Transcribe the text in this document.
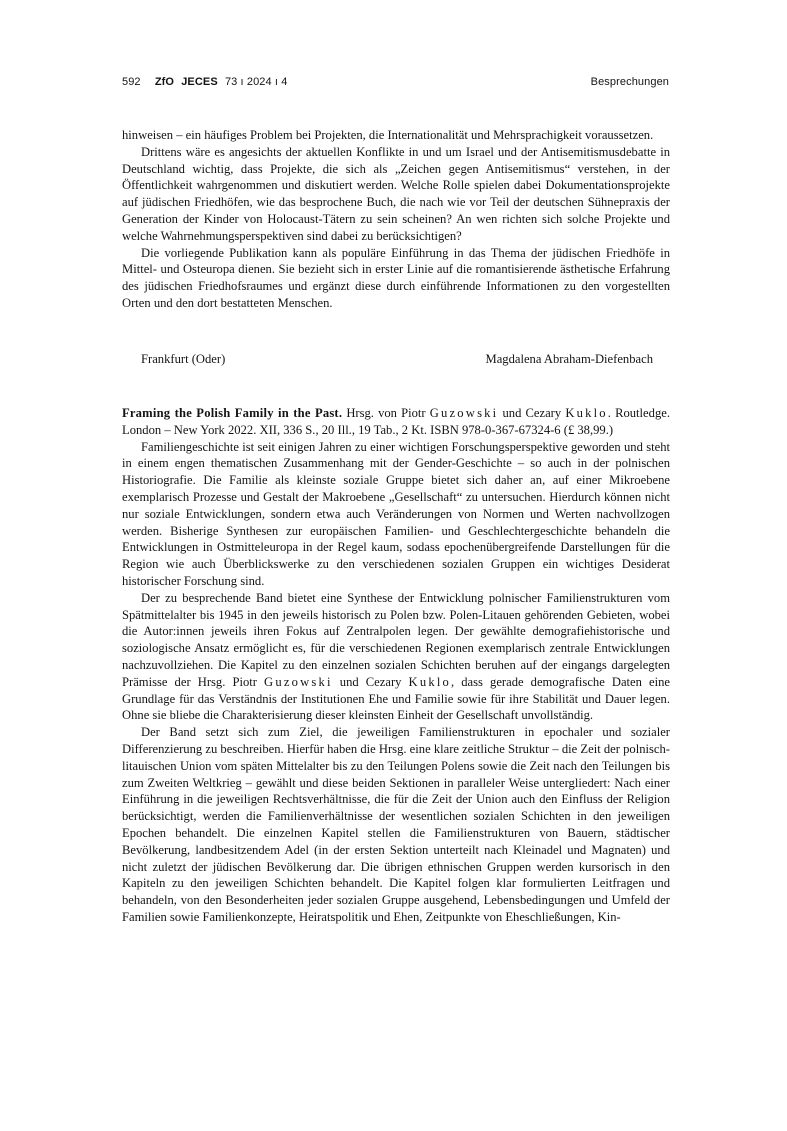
592 ZfO JECES 73 ı 2024 ı 4	Besprechungen

hinweisen – ein häufiges Problem bei Projekten, die Internationalität und Mehrsprachigkeit voraussetzen.

Drittens wäre es angesichts der aktuellen Konflikte in und um Israel und der Antisemitismusdebatte in Deutschland wichtig, dass Projekte, die sich als „Zeichen gegen Antisemitismus“ verstehen, in der Öffentlichkeit wahrgenommen und diskutiert werden. Welche Rolle spielen dabei Dokumentationsprojekte auf jüdischen Friedhöfen, wie das besprochene Buch, die nach wie vor Teil der deutschen Sühnepraxis der Generation der Kinder von Holocaust-Tätern zu sein scheinen? An wen richten sich solche Projekte und welche Wahrnehmungsperspektiven sind dabei zu berücksichtigen?

Die vorliegende Publikation kann als populäre Einführung in das Thema der jüdischen Friedhöfe in Mittel- und Osteuropa dienen. Sie bezieht sich in erster Linie auf die romantisierende ästhetische Erfahrung des jüdischen Friedhofsraumes und ergänzt diese durch einführende Informationen zu den vorgestellten Orten und den dort bestatteten Menschen.

Frankfurt (Oder)	Magdalena Abraham-Diefenbach

Framing the Polish Family in the Past. Hrsg. von Piotr Guzowski und Cezary Kuklo. Routledge. London – New York 2022. XII, 336 S., 20 Ill., 19 Tab., 2 Kt. ISBN 978-0-367-67324-6 (£ 38,99.)

Familiengeschichte ist seit einigen Jahren zu einer wichtigen Forschungsperspektive geworden und steht in einem engen thematischen Zusammenhang mit der Gender-Geschichte – so auch in der polnischen Historiografie. Die Familie als kleinste soziale Gruppe bietet sich daher an, auf einer Mikroebene exemplarisch Prozesse und Gestalt der Makroebene „Gesellschaft“ zu untersuchen. Hierdurch können nicht nur soziale Entwicklungen, sondern etwa auch Veränderungen von Normen und Werten nachvollzogen werden. Bisherige Synthesen zur europäischen Familien- und Geschlechtergeschichte behandeln die Entwicklungen in Ostmitteleuropa in der Regel kaum, sodass epochenübergreifende Darstellungen für die Region wie auch Überblickswerke zu den verschiedenen sozialen Gruppen ein wichtiges Desiderat historischer Forschung sind.

Der zu besprechende Band bietet eine Synthese der Entwicklung polnischer Familienstrukturen vom Spätmittelalter bis 1945 in den jeweils historisch zu Polen bzw. Polen-Litauen gehörenden Gebieten, wobei die Autor:innen jeweils ihren Fokus auf Zentralpolen legen. Der gewählte demografiehistorische und soziologische Ansatz ermöglicht es, für die verschiedenen Regionen exemplarisch zentrale Entwicklungen nachzuvollziehen. Die Kapitel zu den einzelnen sozialen Schichten beruhen auf der eingangs dargelegten Prämisse der Hrsg. Piotr Guzowski und Cezary Kuklo, dass gerade demografische Daten eine Grundlage für das Verständnis der Institutionen Ehe und Familie sowie für ihre Stabilität und Dauer legen. Ohne sie bliebe die Charakterisierung dieser kleinsten Einheit der Gesellschaft unvollständig.

Der Band setzt sich zum Ziel, die jeweiligen Familienstrukturen in epochaler und sozialer Differenzierung zu beschreiben. Hierfür haben die Hrsg. eine klare zeitliche Struktur – die Zeit der polnisch-litauischen Union vom späten Mittelalter bis zu den Teilungen Polens sowie die Zeit nach den Teilungen bis zum Zweiten Weltkrieg – gewählt und diese beiden Sektionen in paralleler Weise untergliedert: Nach einer Einführung in die jeweiligen Rechtsverhältnisse, die für die Zeit der Union auch den Einfluss der Religion berücksichtigt, werden die Familienverhältnisse der wesentlichen sozialen Schichten in den jeweiligen Epochen behandelt. Die einzelnen Kapitel stellen die Familienstrukturen von Bauern, städtischer Bevölkerung, landbesitzendem Adel (in der ersten Sektion unterteilt nach Kleinadel und Magnaten) und nicht zuletzt der jüdischen Bevölkerung dar. Die übrigen ethnischen Gruppen werden kursorisch in den Kapiteln zu den jeweiligen Schichten behandelt. Die Kapitel folgen klar formulierten Leitfragen und behandeln, von den Besonderheiten jeder sozialen Gruppe ausgehend, Lebensbedingungen und Umfeld der Familien sowie Familienkonzepte, Heiratspolitik und Ehen, Zeitpunkte von Eheschließungen, Kin-
